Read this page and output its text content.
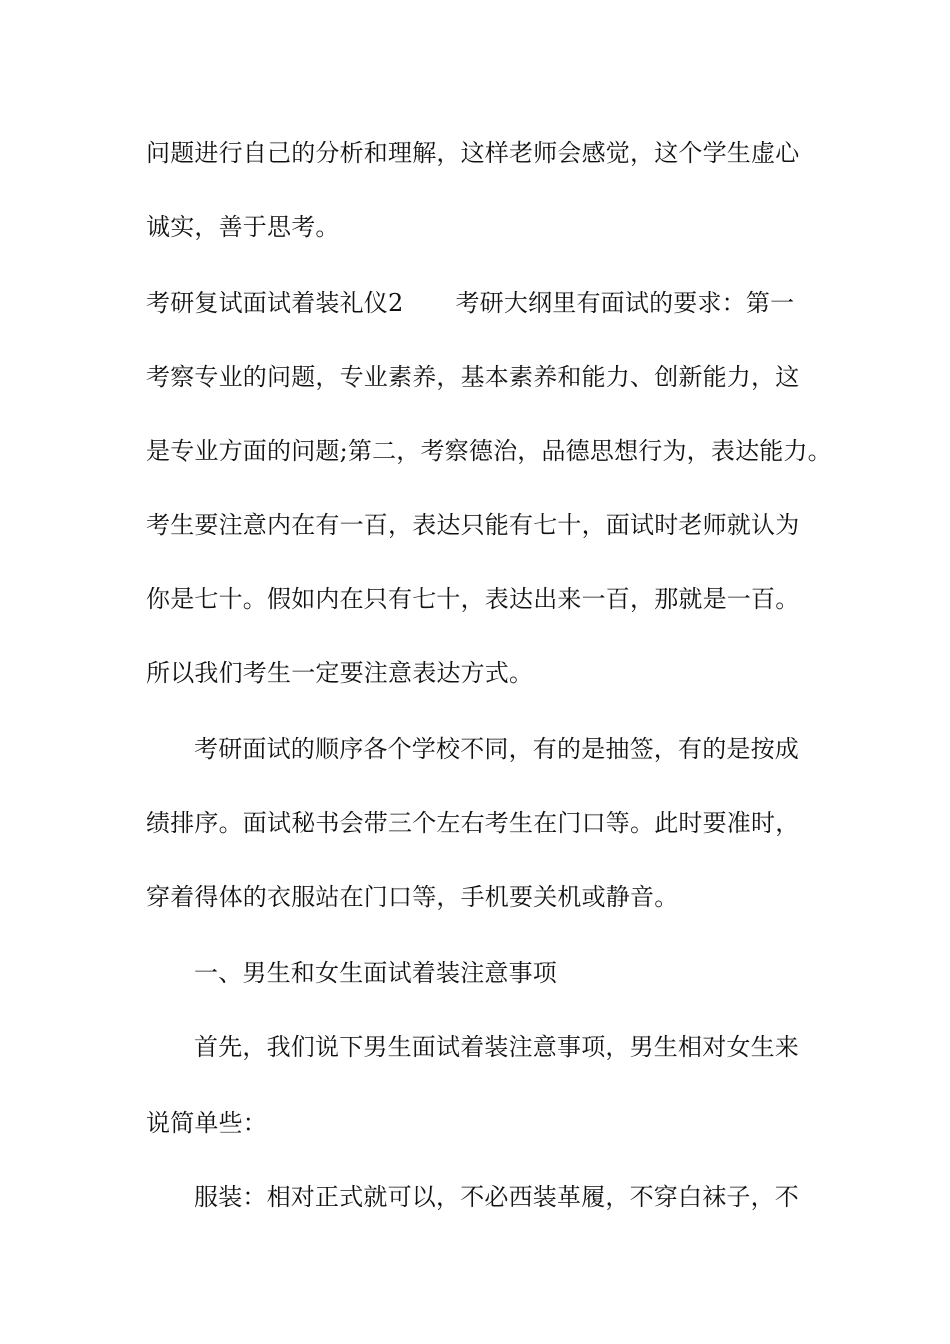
问题进行自己的分析和理解，这样老师会感觉，这个学生虚心
诚实，善于思考。
考研复试面试着装礼仪2 考研大纲里有面试的要求：第一
考察专业的问题，专业素养，基本素养和能力、创新能力，这
是专业方面的问题;第二，考察德治，品德思想行为，表达能力。
考生要注意内在有一百，表达只能有七十，面试时老师就认为
你是七十。假如内在只有七十，表达出来一百，那就是一百。
所以我们考生一定要注意表达方式。
考研面试的顺序各个学校不同，有的是抽签，有的是按成
绩排序。面试秘书会带三个左右考生在门口等。此时要准时，
穿着得体的衣服站在门口等，手机要关机或静音。
一、男生和女生面试着装注意事项
首先，我们说下男生面试着装注意事项，男生相对女生来
说简单些：
服装：相对正式就可以，不必西装革履，不穿白袜子，不
